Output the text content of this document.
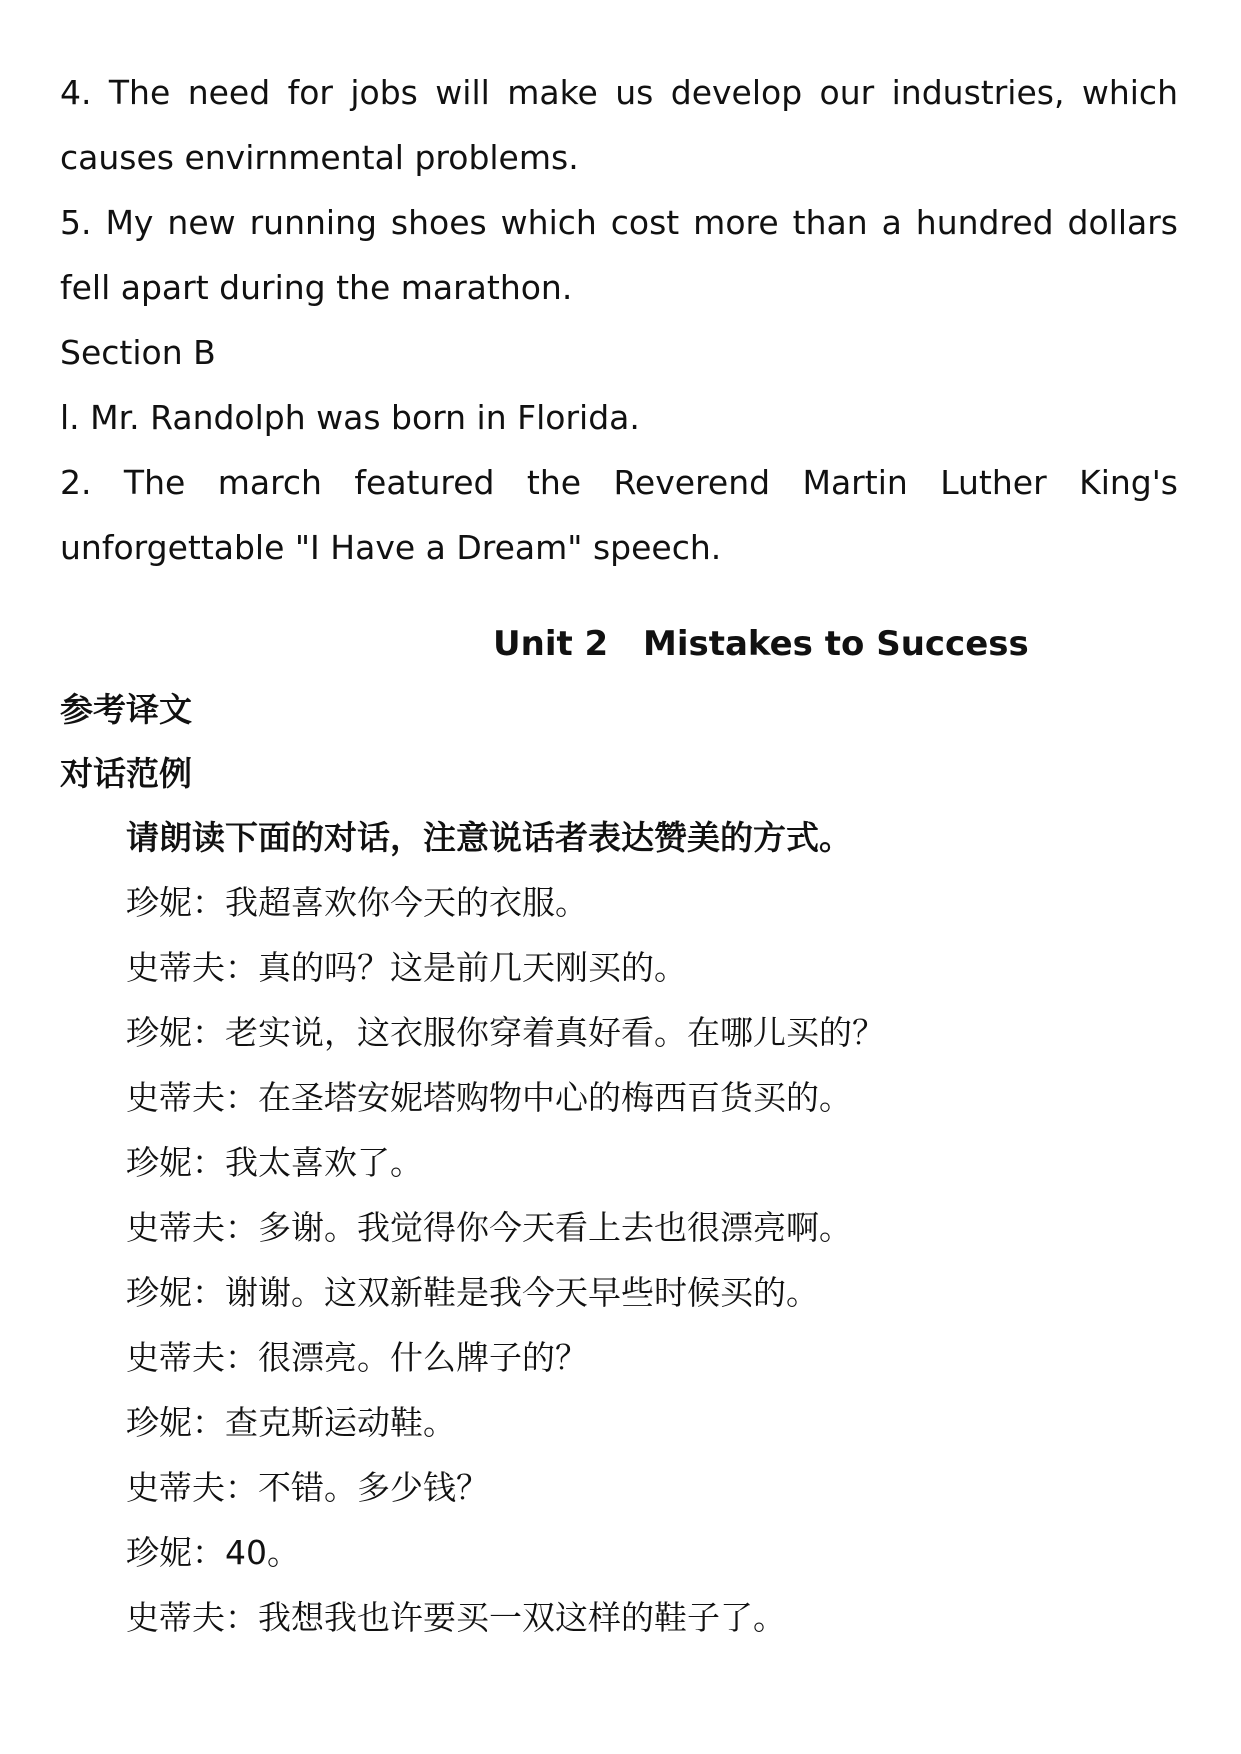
4. The need for jobs will make us develop our industries, which causes envirnmental problems.

5. My new running shoes which cost more than a hundred dollars fell apart during the marathon.

Section B

l. Mr. Randolph was born in Florida.

2. The march featured the Reverend Martin Luther King's

unforgettable "I Have a Dream" speech.

Unit 2 Mistakes to Success

参考译文

对话范例

请朗读下面的对话，注意说话者表达赞美的方式。

珍妮：我超喜欢你今天的衣服。

史蒂夫：真的吗？这是前几天刚买的。

珍妮：老实说，这衣服你穿着真好看。在哪儿买的？

史蒂夫：在圣塔安妮塔购物中心的梅西百货买的。

珍妮：我太喜欢了。

史蒂夫：多谢。我觉得你今天看上去也很漂亮啊。

珍妮：谢谢。这双新鞋是我今天早些时候买的。

史蒂夫：很漂亮。什么牌子的？

珍妮：查克斯运动鞋。

史蒂夫：不错。多少钱？

珍妮：40。

史蒂夫：我想我也许要买一双这样的鞋子了。
